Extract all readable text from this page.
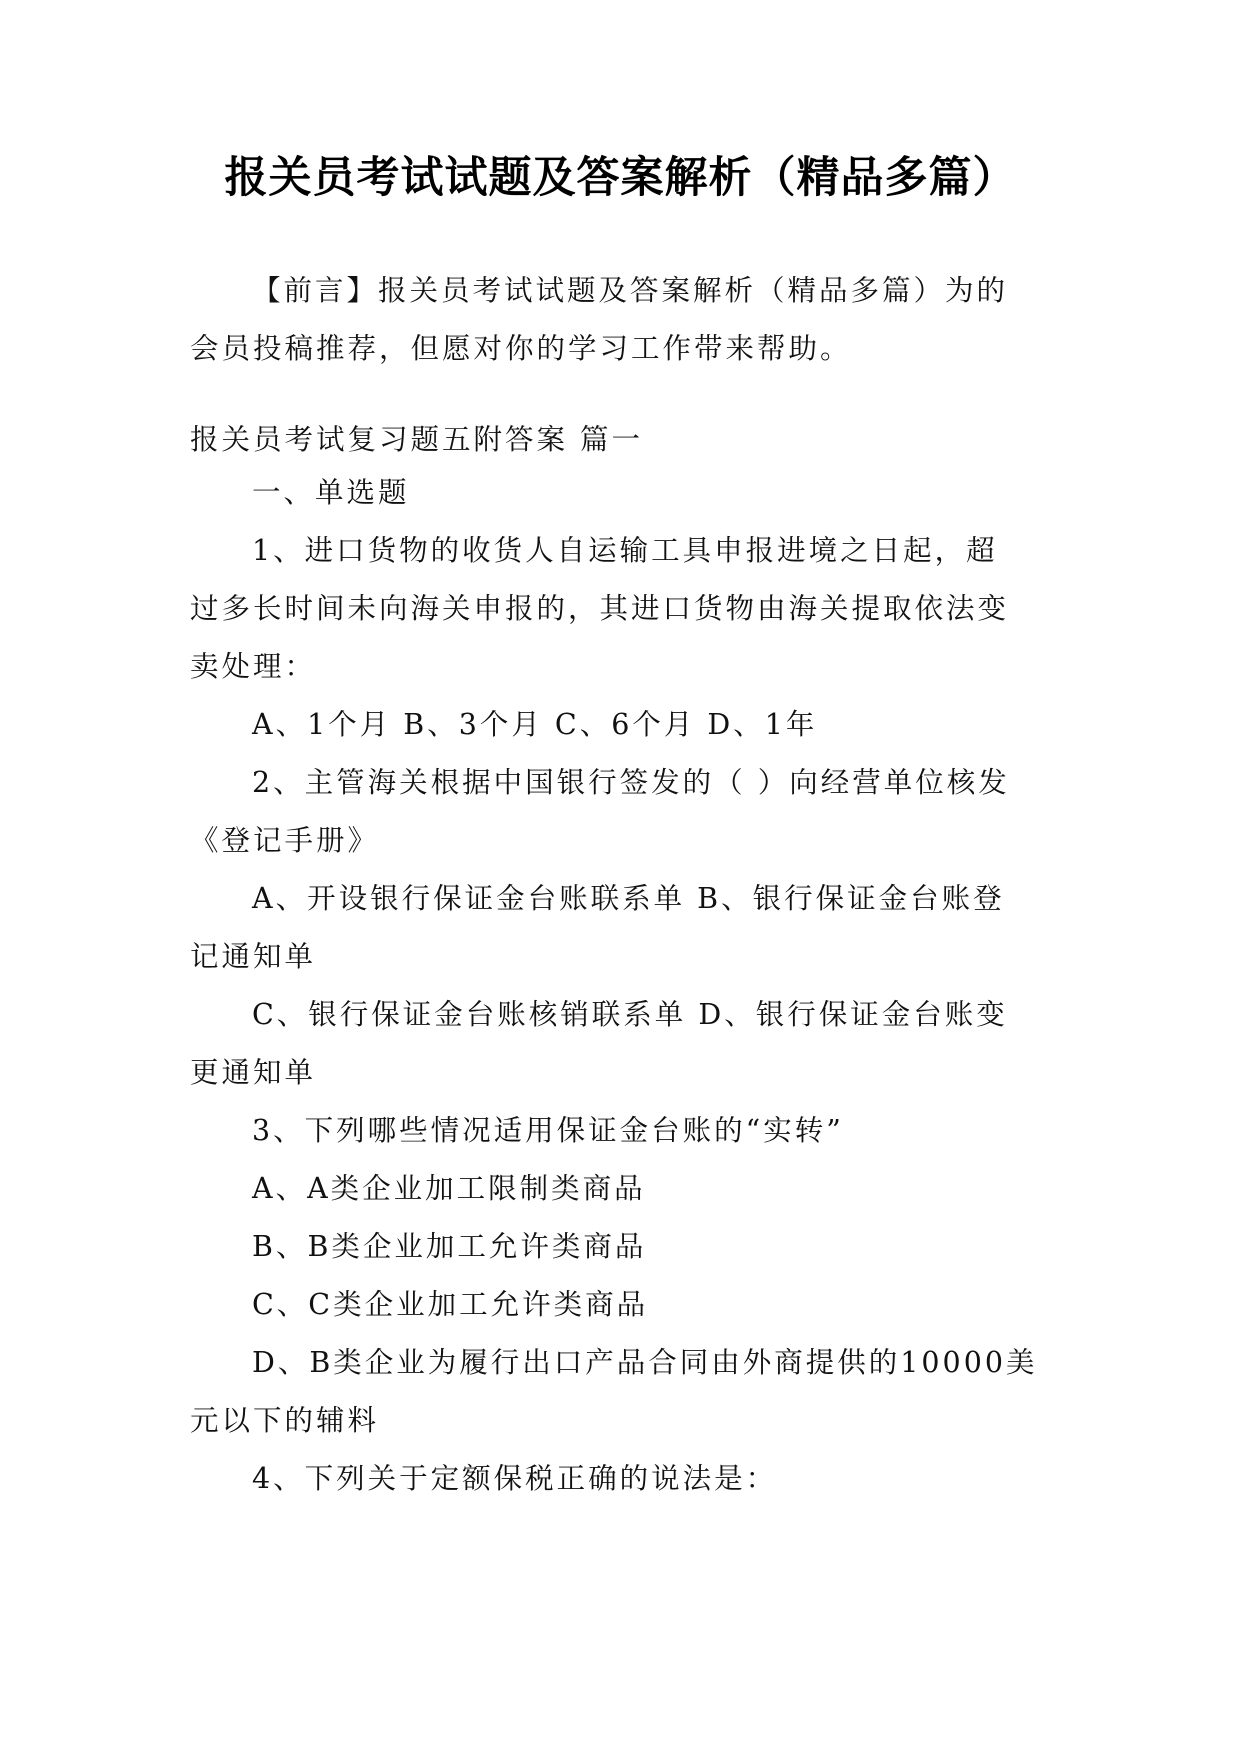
报关员考试试题及答案解析（精品多篇）
【前言】报关员考试试题及答案解析（精品多篇）为的
会员投稿推荐，但愿对你的学习工作带来帮助。
报关员考试复习题五附答案 篇一
一、单选题
1、进口货物的收货人自运输工具申报进境之日起，超
过多长时间未向海关申报的，其进口货物由海关提取依法变
卖处理：
A、1个月 B、3个月 C、6个月 D、1年
2、主管海关根据中国银行签发的（ ）向经营单位核发
《登记手册》
A、开设银行保证金台账联系单 B、银行保证金台账登
记通知单
C、银行保证金台账核销联系单 D、银行保证金台账变
更通知单
3、下列哪些情况适用保证金台账的“实转”
A、A类企业加工限制类商品
B、B类企业加工允许类商品
C、C类企业加工允许类商品
D、B类企业为履行出口产品合同由外商提供的10000美
元以下的辅料
4、下列关于定额保税正确的说法是：
